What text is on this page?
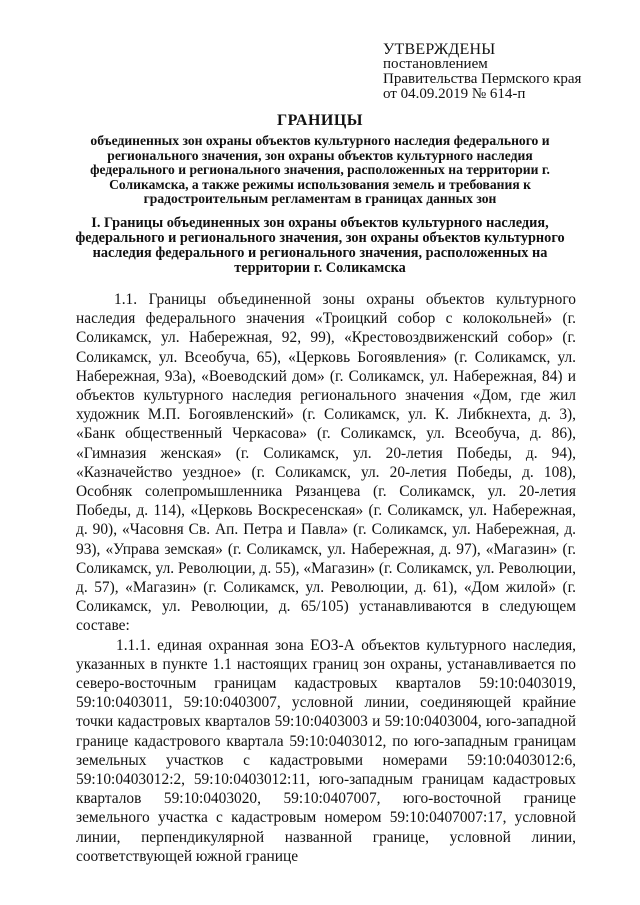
УТВЕРЖДЕНЫ
постановлением
Правительства Пермского края
от 04.09.2019 № 614-п
ГРАНИЦЫ
объединенных зон охраны объектов культурного наследия федерального и регионального значения, зон охраны объектов культурного наследия федерального и регионального значения, расположенных на территории г. Соликамска, а также режимы использования земель и требования к градостроительным регламентам в границах данных зон
I. Границы объединенных зон охраны объектов культурного наследия, федерального и регионального значения, зон охраны объектов культурного наследия федерального и регионального значения, расположенных на территории г. Соликамска

1.1. Границы объединенной зоны охраны объектов культурного наследия федерального значения «Троицкий собор с колокольней» (г. Соликамск, ул. Набережная, 92, 99), «Крестовоздвиженский собор» (г. Соликамск, ул. Всеобуча, 65), «Церковь Богоявления» (г. Соликамск, ул. Набережная, 93а), «Воеводский дом» (г. Соликамск, ул. Набережная, 84) и объектов культурного наследия регионального значения «Дом, где жил художник М.П. Богоявленский» (г. Соликамск, ул. К. Либкнехта, д. 3), «Банк общественный Черкасова» (г. Соликамск, ул. Всеобуча, д. 86), «Гимназия женская» (г. Соликамск, ул. 20-летия Победы, д. 94), «Казначейство уездное» (г. Соликамск, ул. 20-летия Победы, д. 108), Особняк солепромышленника Рязанцева (г. Соликамск, ул. 20-летия Победы, д. 114), «Церковь Воскресенская» (г. Соликамск, ул. Набережная, д. 90), «Часовня Св. Ап. Петра и Павла» (г. Соликамск, ул. Набережная, д. 93), «Управа земская» (г. Соликамск, ул. Набережная, д. 97), «Магазин» (г. Соликамск, ул. Революции, д. 55), «Магазин» (г. Соликамск, ул. Революции, д. 57), «Магазин» (г. Соликамск, ул. Революции, д. 61), «Дом жилой» (г. Соликамск, ул. Революции, д. 65/105) устанавливаются в следующем составе:

1.1.1. единая охранная зона ЕОЗ-А объектов культурного наследия, указанных в пункте 1.1 настоящих границ зон охраны, устанавливается по северо-восточным границам кадастровых кварталов 59:10:0403019, 59:10:0403011, 59:10:0403007, условной линии, соединяющей крайние точки кадастровых кварталов 59:10:0403003 и 59:10:0403004, юго-западной границе кадастрового квартала 59:10:0403012, по юго-западным границам земельных участков с кадастровыми номерами 59:10:0403012:6, 59:10:0403012:2, 59:10:0403012:11, юго-западным границам кадастровых кварталов 59:10:0403020, 59:10:0407007, юго-восточной границе земельного участка с кадастровым номером 59:10:0407007:17, условной линии, перпендикулярной названной границе, условной линии, соответствующей южной границе
